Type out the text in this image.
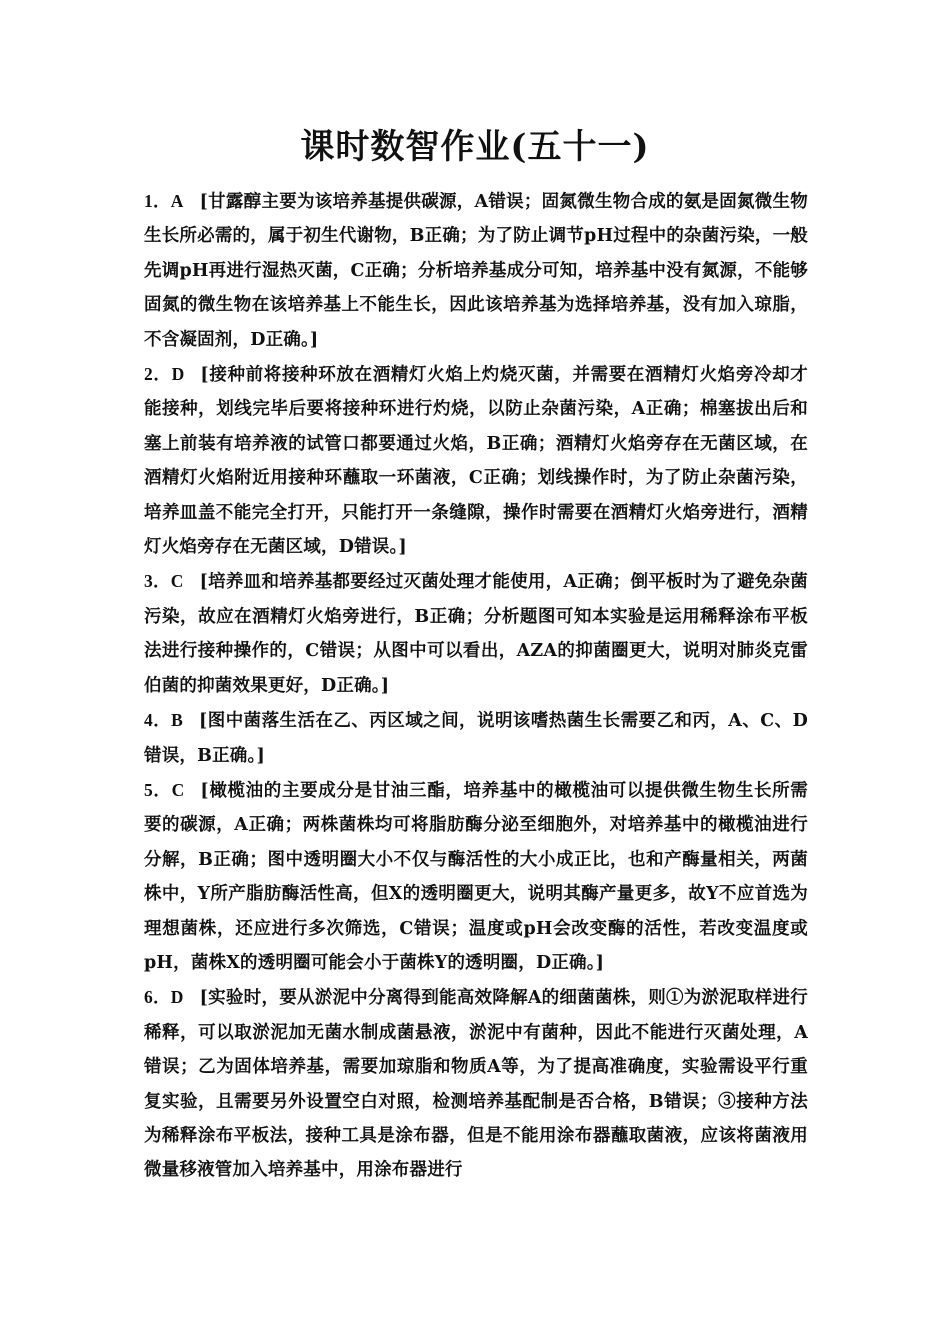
课时数智作业(五十一)

1．A [甘露醇主要为该培养基提供碳源，A错误；固氮微生物合成的氨是固氮微生物生长所必需的，属于初生代谢物，B正确；为了防止调节pH过程中的杂菌污染，一般先调pH再进行湿热灭菌，C正确；分析培养基成分可知，培养基中没有氮源，不能够固氮的微生物在该培养基上不能生长，因此该培养基为选择培养基，没有加入琼脂，不含凝固剂，D正确。]

2．D [接种前将接种环放在酒精灯火焰上灼烧灭菌，并需要在酒精灯火焰旁冷却才能接种，划线完毕后要将接种环进行灼烧，以防止杂菌污染，A正确；棉塞拔出后和塞上前装有培养液的试管口都要通过火焰，B正确；酒精灯火焰旁存在无菌区域，在酒精灯火焰附近用接种环蘸取一环菌液，C正确；划线操作时，为了防止杂菌污染，培养皿盖不能完全打开，只能打开一条缝隙，操作时需要在酒精灯火焰旁进行，酒精灯火焰旁存在无菌区域，D错误。]

3．C [培养皿和培养基都要经过灭菌处理才能使用，A正确；倒平板时为了避免杂菌污染，故应在酒精灯火焰旁进行，B正确；分析题图可知本实验是运用稀释涂布平板法进行接种操作的，C错误；从图中可以看出，AZA的抑菌圈更大，说明对肺炎克雷伯菌的抑菌效果更好，D正确。]

4．B [图中菌落生活在乙、丙区域之间，说明该嗜热菌生长需要乙和丙，A、C、D错误，B正确。]

5．C [橄榄油的主要成分是甘油三酯，培养基中的橄榄油可以提供微生物生长所需要的碳源，A正确；两株菌株均可将脂肪酶分泌至细胞外，对培养基中的橄榄油进行分解，B正确；图中透明圈大小不仅与酶活性的大小成正比，也和产酶量相关，两菌株中，Y所产脂肪酶活性高，但X的透明圈更大，说明其酶产量更多，故Y不应首选为理想菌株，还应进行多次筛选，C错误；温度或pH会改变酶的活性，若改变温度或pH，菌株X的透明圈可能会小于菌株Y的透明圈，D正确。]

6．D [实验时，要从淤泥中分离得到能高效降解A的细菌菌株，则①为淤泥取样进行稀释，可以取淤泥加无菌水制成菌悬液，淤泥中有菌种，因此不能进行灭菌处理，A错误；乙为固体培养基，需要加琼脂和物质A等，为了提高准确度，实验需设平行重复实验，且需要另外设置空白对照，检测培养基配制是否合格，B错误；③接种方法为稀释涂布平板法，接种工具是涂布器，但是不能用涂布器蘸取菌液，应该将菌液用微量移液管加入培养基中，用涂布器进行
